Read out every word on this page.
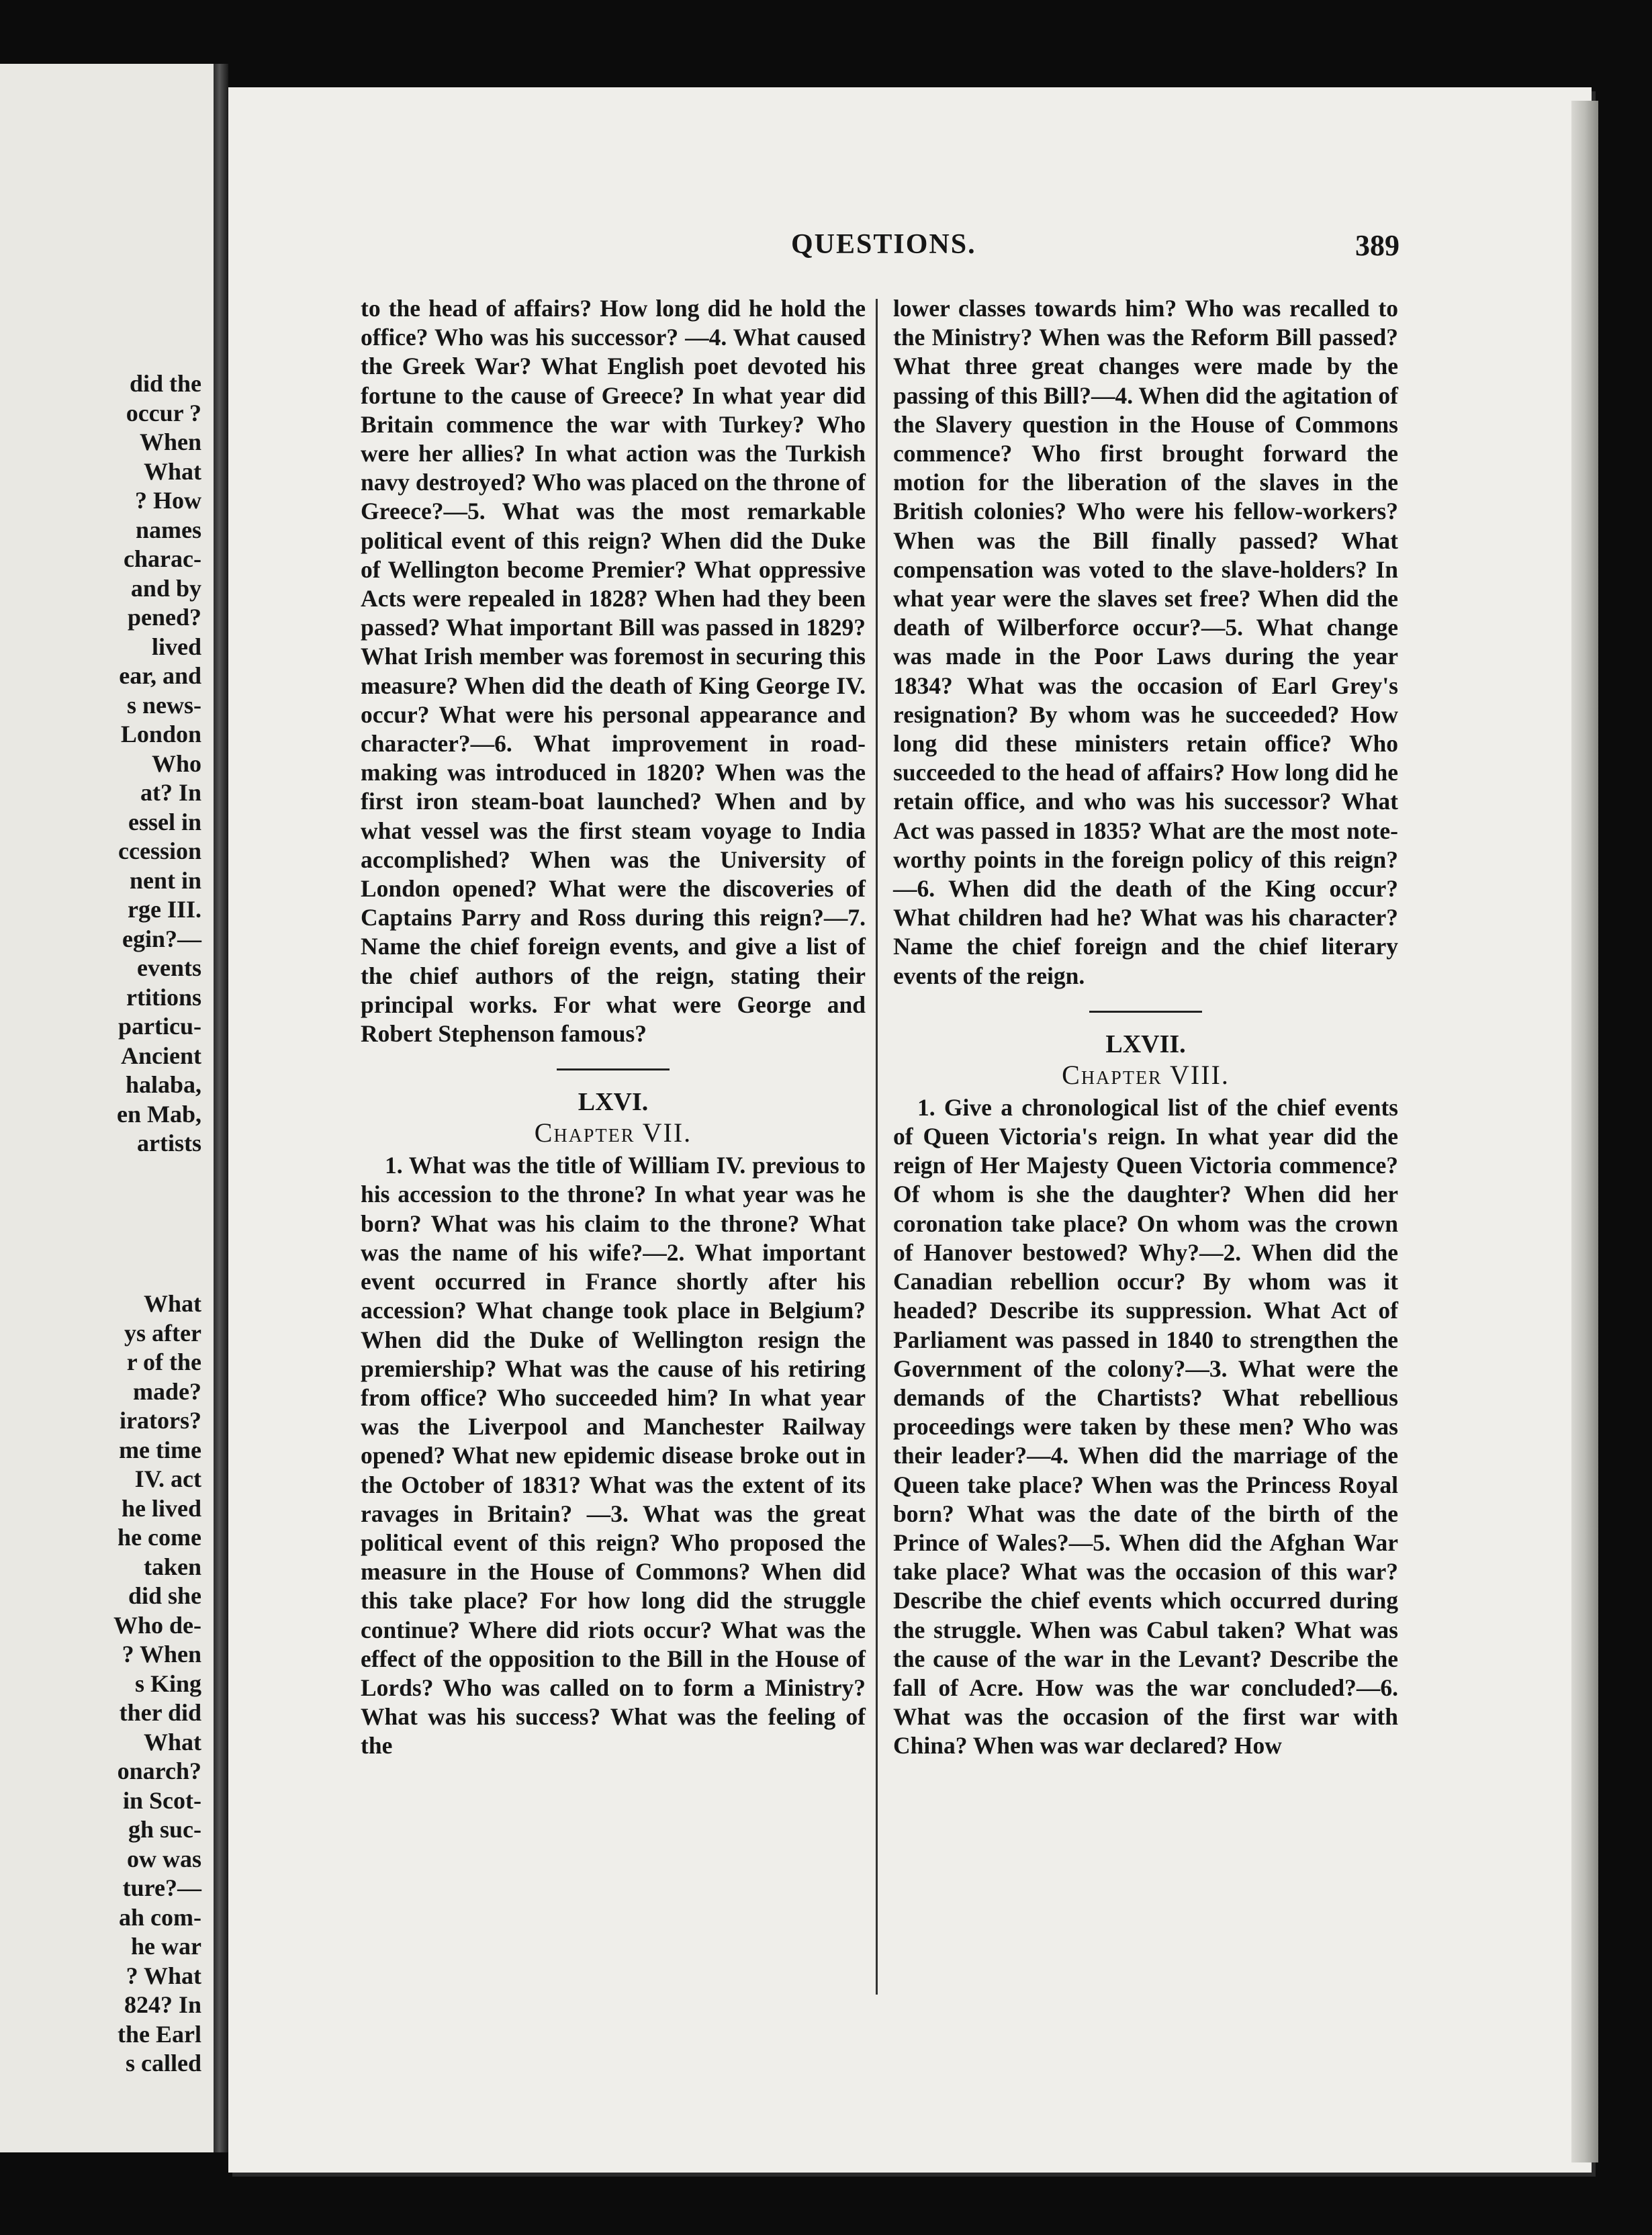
did the
occur ?
When
What
? How
names
charac-
and by
pened?
lived
ear, and
s news-
London
Who
at? In
essel in
ccession
nent in
rge III.
egin?—
events
rtitions
particu-
Ancient
halaba,
en Mab,
artists
What
ys after
r of the
made?
irators?
me time
IV. act
he lived
he come
taken
did she
Who de-
? When
s King
ther did
What
onarch?
in Scot-
gh suc-
ow was
ture?—
ah com-
he war
? What
824? In
the Earl
s called
QUESTIONS.	389

to the head of affairs? How long did he hold the office? Who was his successor? —4. What caused the Greek War? What English poet devoted his fortune to the cause of Greece? In what year did Britain commence the war with Turkey? Who were her allies? In what action was the Turkish navy destroyed? Who was placed on the throne of Greece?—5. What was the most remarkable political event of this reign? When did the Duke of Wellington become Premier? What oppressive Acts were repealed in 1828? When had they been passed? What important Bill was passed in 1829? What Irish member was foremost in securing this measure? When did the death of King George IV. occur? What were his personal appearance and character?—6. What improvement in road-making was introduced in 1820? When was the first iron steam-boat launched? When and by what vessel was the first steam voyage to India accomplished? When was the University of London opened? What were the discoveries of Captains Parry and Ross during this reign?—7. Name the chief foreign events, and give a list of the chief authors of the reign, stating their principal works. For what were George and Robert Stephenson famous?

LXVI.

Chapter VII.

1. What was the title of William IV. previous to his accession to the throne? In what year was he born? What was his claim to the throne? What was the name of his wife?—2. What important event occurred in France shortly after his accession? What change took place in Belgium? When did the Duke of Wellington resign the premiership? What was the cause of his retiring from office? Who succeeded him? In what year was the Liverpool and Manchester Railway opened? What new epidemic disease broke out in the October of 1831? What was the extent of its ravages in Britain? —3. What was the great political event of this reign? Who proposed the measure in the House of Commons? When did this take place? For how long did the struggle continue? Where did riots occur? What was the effect of the opposition to the Bill in the House of Lords? Who was called on to form a Ministry? What was his success? What was the feeling of the

lower classes towards him? Who was recalled to the Ministry? When was the Reform Bill passed? What three great changes were made by the passing of this Bill?—4. When did the agitation of the Slavery question in the House of Commons commence? Who first brought forward the motion for the liberation of the slaves in the British colonies? Who were his fellow-workers? When was the Bill finally passed? What compensation was voted to the slave-holders? In what year were the slaves set free? When did the death of Wilberforce occur?—5. What change was made in the Poor Laws during the year 1834? What was the occasion of Earl Grey's resignation? By whom was he succeeded? How long did these ministers retain office? Who succeeded to the head of affairs? How long did he retain office, and who was his successor? What Act was passed in 1835? What are the most note-worthy points in the foreign policy of this reign?—6. When did the death of the King occur? What children had he? What was his character? Name the chief foreign and the chief literary events of the reign.

LXVII.

Chapter VIII.

1. Give a chronological list of the chief events of Queen Victoria's reign. In what year did the reign of Her Majesty Queen Victoria commence? Of whom is she the daughter? When did her coronation take place? On whom was the crown of Hanover bestowed? Why?—2. When did the Canadian rebellion occur? By whom was it headed? Describe its suppression. What Act of Parliament was passed in 1840 to strengthen the Government of the colony?—3. What were the demands of the Chartists? What rebellious proceedings were taken by these men? Who was their leader?—4. When did the marriage of the Queen take place? When was the Princess Royal born? What was the date of the birth of the Prince of Wales?—5. When did the Afghan War take place? What was the occasion of this war? Describe the chief events which occurred during the struggle. When was Cabul taken? What was the cause of the war in the Levant? Describe the fall of Acre. How was the war concluded?—6. What was the occasion of the first war with China? When was war declared? How
